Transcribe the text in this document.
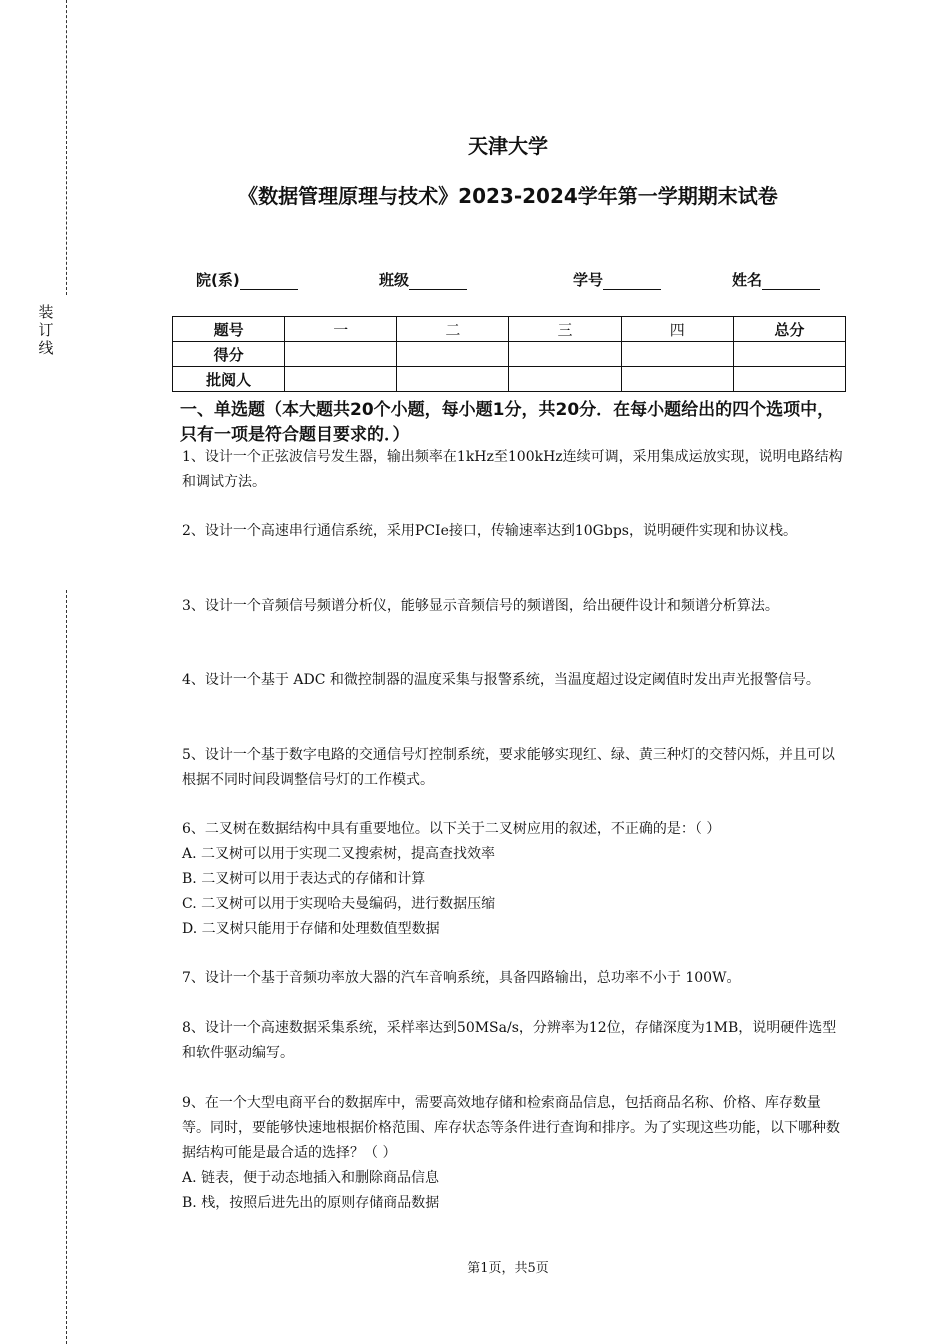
装
订
线
天津大学
《数据管理原理与技术》2023-2024学年第一学期期末试卷
院(系)	班级	学号	姓名
题号	一	二	三	四	总分
得分					
批阅人					
一、单选题（本大题共20个小题，每小题1分，共20分．在每小题给出的四个选项中，只有一项是符合题目要求的．）
1、设计一个正弦波信号发生器，输出频率在1kHz至100kHz连续可调，采用集成运放实现，说明电路结构和调试方法。
2、设计一个高速串行通信系统，采用PCIe接口，传输速率达到10Gbps，说明硬件实现和协议栈。
3、设计一个音频信号频谱分析仪，能够显示音频信号的频谱图，给出硬件设计和频谱分析算法。
4、设计一个基于 ADC 和微控制器的温度采集与报警系统，当温度超过设定阈值时发出声光报警信号。
5、设计一个基于数字电路的交通信号灯控制系统，要求能够实现红、绿、黄三种灯的交替闪烁，并且可以根据不同时间段调整信号灯的工作模式。
6、二叉树在数据结构中具有重要地位。以下关于二叉树应用的叙述，不正确的是：（ ）
A. 二叉树可以用于实现二叉搜索树，提高查找效率
B. 二叉树可以用于表达式的存储和计算
C. 二叉树可以用于实现哈夫曼编码，进行数据压缩
D. 二叉树只能用于存储和处理数值型数据
7、设计一个基于音频功率放大器的汽车音响系统，具备四路输出，总功率不小于 100W。
8、设计一个高速数据采集系统，采样率达到50MSa/s，分辨率为12位，存储深度为1MB，说明硬件选型和软件驱动编写。
9、在一个大型电商平台的数据库中，需要高效地存储和检索商品信息，包括商品名称、价格、库存数量等。同时，要能够快速地根据价格范围、库存状态等条件进行查询和排序。为了实现这些功能，以下哪种数据结构可能是最合适的选择？（ ）
A. 链表，便于动态地插入和删除商品信息
B. 栈，按照后进先出的原则存储商品数据
第1页，共5页
